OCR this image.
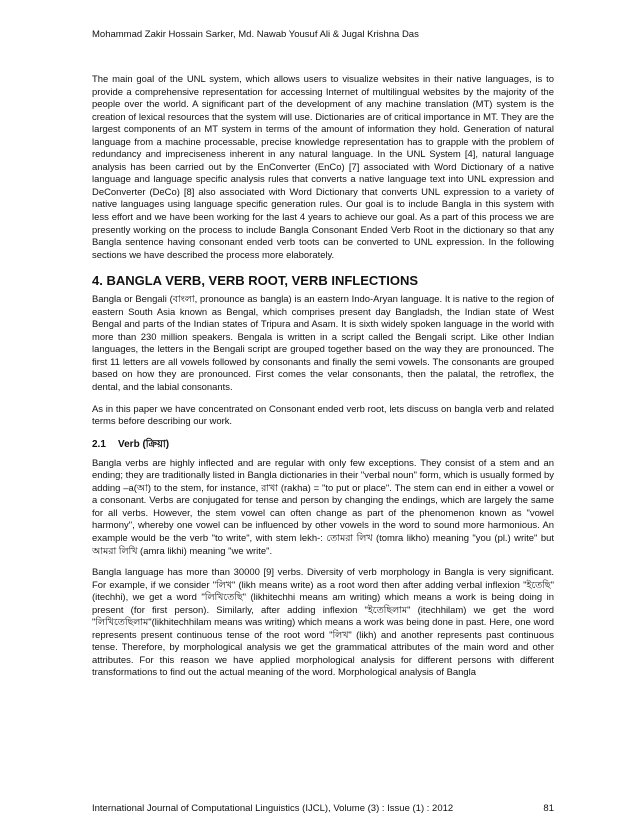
Mohammad Zakir Hossain Sarker, Md. Nawab Yousuf Ali & Jugal Krishna Das

The main goal of the UNL system, which allows users to visualize websites in their native languages, is to provide a comprehensive representation for accessing Internet of multilingual websites by the majority of the people over the world. A significant part of the development of any machine translation (MT) system is the creation of lexical resources that the system will use. Dictionaries are of critical importance in MT. They are the largest components of an MT system in terms of the amount of information they hold. Generation of natural language from a machine processable, precise knowledge representation has to grapple with the problem of redundancy and impreciseness inherent in any natural language. In the UNL System [4], natural language analysis has been carried out by the EnConverter (EnCo) [7] associated with Word Dictionary of a native language and language specific analysis rules that converts a native language text into UNL expression and DeConverter (DeCo) [8] also associated with Word Dictionary that converts UNL expression to a variety of native languages using language specific generation rules. Our goal is to include Bangla in this system with less effort and we have been working for the last 4 years to achieve our goal. As a part of this process we are presently working on the process to include Bangla Consonant Ended Verb Root in the dictionary so that any Bangla sentence having consonant ended verb toots can be converted to UNL expression. In the following sections we have described the process more elaborately.

4. BANGLA VERB, VERB ROOT, VERB INFLECTIONS

Bangla or Bengali (বাংলা, pronounce as bangla) is an eastern Indo-Aryan language. It is native to the region of eastern South Asia known as Bengal, which comprises present day Bangladsh, the Indian state of West Bengal and parts of the Indian states of Tripura and Asam. It is sixth widely spoken language in the world with more than 230 million speakers. Bengala is written in a script called the Bengali script. Like other Indian languages, the letters in the Bengali script are grouped together based on the way they are pronounced. The first 11 letters are all vowels followed by consonants and finally the semi vowels. The consonants are grouped based on how they are pronounced. First comes the velar consonants, then the palatal, the retroflex, the dental, and the labial consonants.

As in this paper we have concentrated on Consonant ended verb root, lets discuss on bangla verb and related terms before describing our work.

2.1 Verb (ক্রিয়া)

Bangla verbs are highly inflected and are regular with only few exceptions. They consist of a stem and an ending; they are traditionally listed in Bangla dictionaries in their "verbal noun" form, which is usually formed by adding –a(আ) to the stem, for instance, রাখা (rakha) = "to put or place". The stem can end in either a vowel or a consonant. Verbs are conjugated for tense and person by changing the endings, which are largely the same for all verbs. However, the stem vowel can often change as part of the phenomenon known as "vowel harmony", whereby one vowel can be influenced by other vowels in the word to sound more harmonious. An example would be the verb "to write", with stem lekh-: তোমরা লিখ (tomra likho) meaning "you (pl.) write" but আমরা লিখি (amra likhi) meaning "we write".

Bangla language has more than 30000 [9] verbs. Diversity of verb morphology in Bangla is very significant. For example, if we consider "লিখ" (likh means write) as a root word then after adding verbal inflexion "ইতেছি" (itechhi), we get a word "লিখিতেছি" (likhitechhi means am writing) which means a work is being doing in present (for first person). Similarly, after adding inflexion "ইতেছিলাম" (itechhilam) we get the word "লিখিতেছিলাম"(likhitechhilam means was writing) which means a work was being done in past. Here, one word represents present continuous tense of the root word "লিখ" (likh) and another represents past continuous tense. Therefore, by morphological analysis we get the grammatical attributes of the main word and other attributes. For this reason we have applied morphological analysis for different persons with different transformations to find out the actual meaning of the word. Morphological analysis of Bangla

International Journal of Computational Linguistics (IJCL), Volume (3) : Issue (1) : 2012	81
